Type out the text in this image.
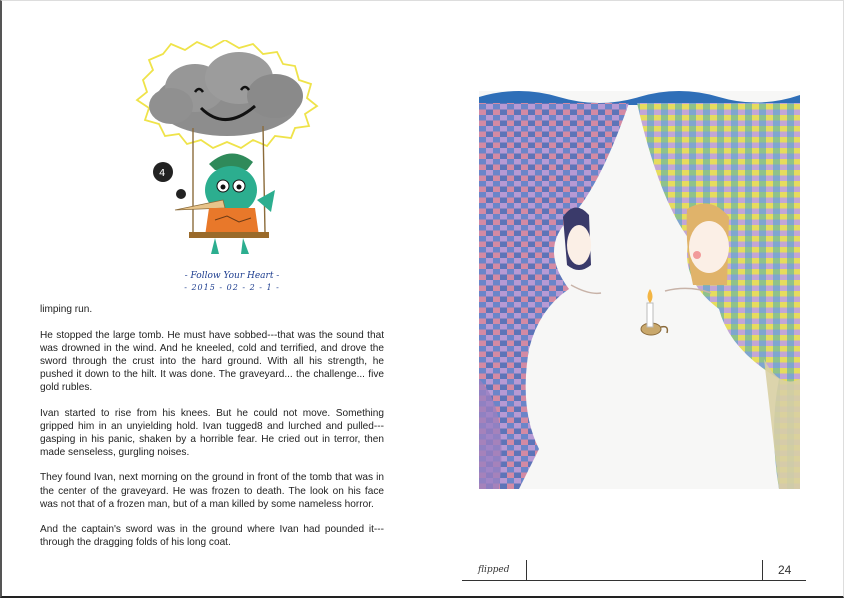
4
- Follow Your Heart -
- 2015 - 02 - 2 - 1 -

limping run.

He stopped the large tomb. He must have sobbed---that was the sound that was drowned in the wind. And he kneeled, cold and terrified, and drove the sword through the crust into the hard ground. With all his strength, he pushed it down to the hilt. It was done. The graveyard... the challenge... five gold rubles.

Ivan started to rise from his knees. But he could not move. Something gripped him in an unyielding hold. Ivan tugged8 and lurched and pulled---gasping in his panic, shaken by a horrible fear. He cried out in terror, then made senseless, gurgling noises.

They found Ivan, next morning on the ground in front of the tomb that was in the center of the graveyard. He was frozen to death. The look on his face was not that of a frozen man, but of a man killed by some nameless horror.

And the captain's sword was in the ground where Ivan had pounded it---through the dragging folds of his long coat.

flipped	24
